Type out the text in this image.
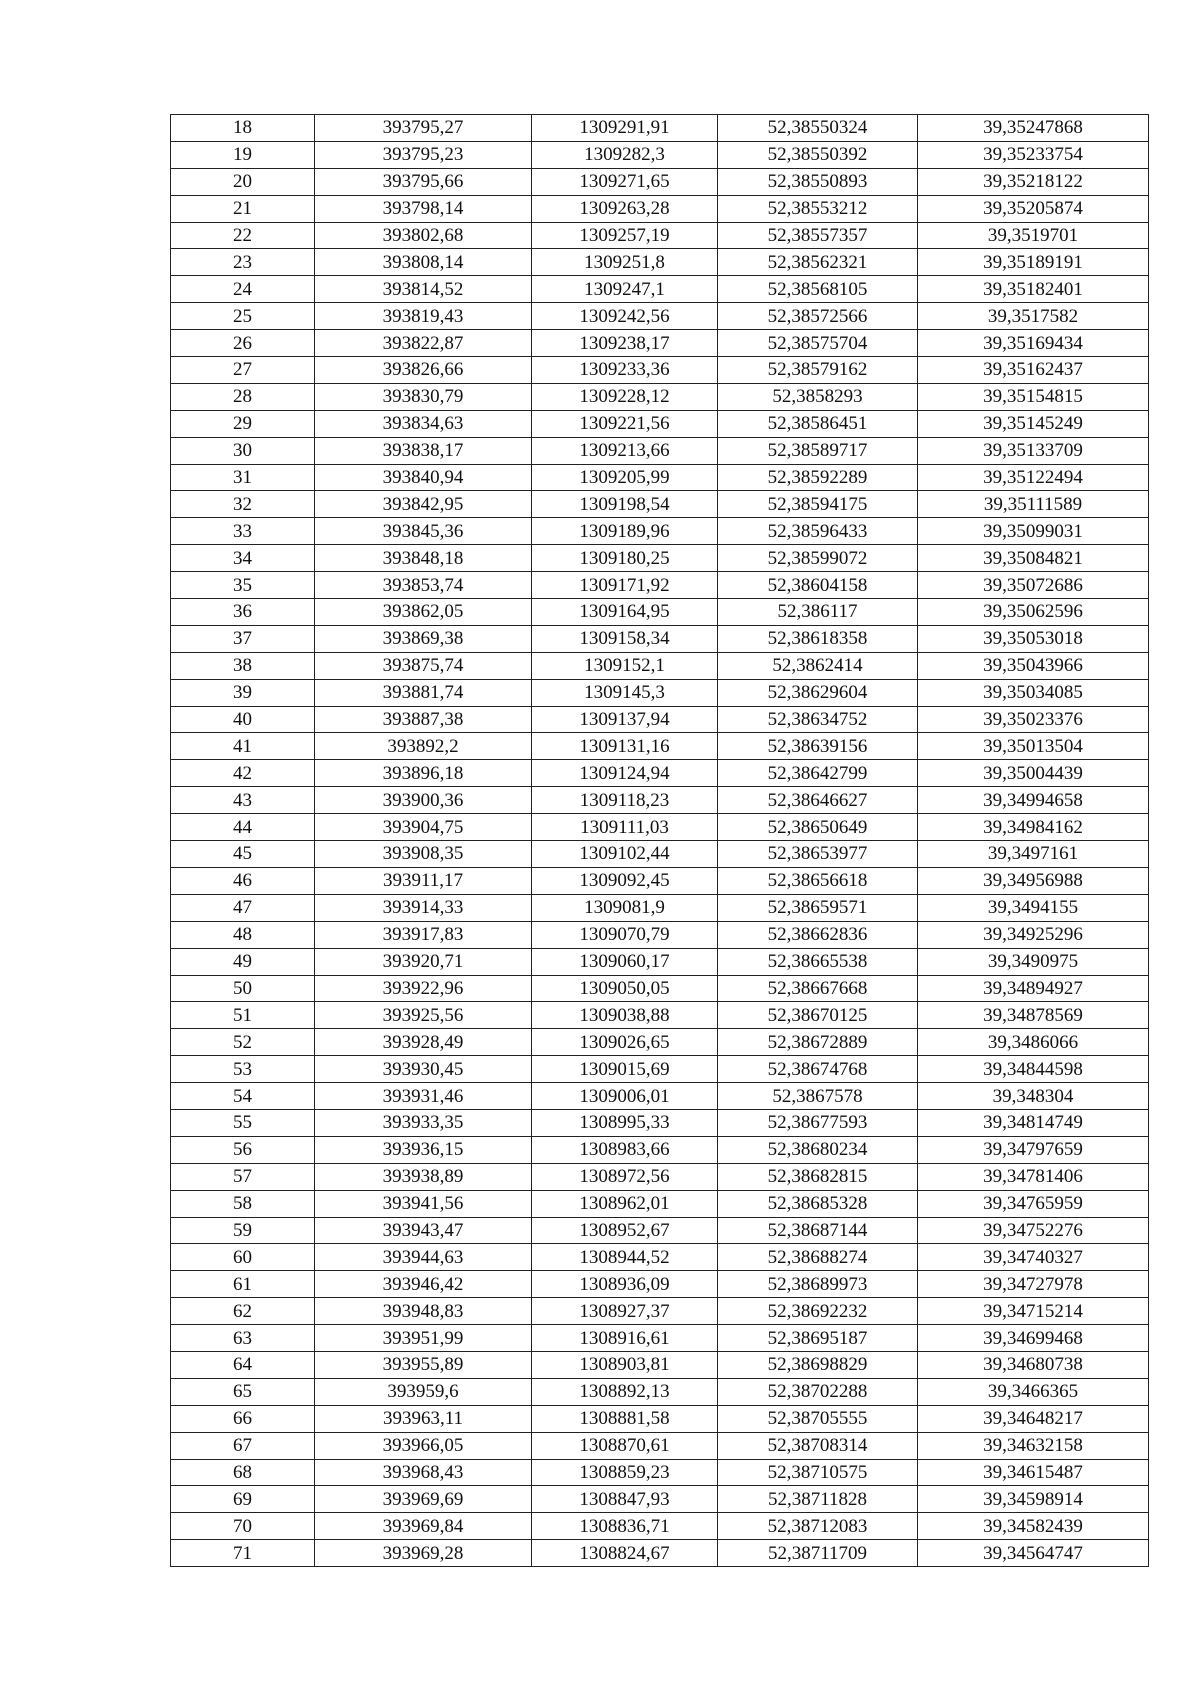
18	393795,27	1309291,91	52,38550324	39,35247868
19	393795,23	1309282,3	52,38550392	39,35233754
20	393795,66	1309271,65	52,38550893	39,35218122
21	393798,14	1309263,28	52,38553212	39,35205874
22	393802,68	1309257,19	52,38557357	39,3519701
23	393808,14	1309251,8	52,38562321	39,35189191
24	393814,52	1309247,1	52,38568105	39,35182401
25	393819,43	1309242,56	52,38572566	39,3517582
26	393822,87	1309238,17	52,38575704	39,35169434
27	393826,66	1309233,36	52,38579162	39,35162437
28	393830,79	1309228,12	52,3858293	39,35154815
29	393834,63	1309221,56	52,38586451	39,35145249
30	393838,17	1309213,66	52,38589717	39,35133709
31	393840,94	1309205,99	52,38592289	39,35122494
32	393842,95	1309198,54	52,38594175	39,35111589
33	393845,36	1309189,96	52,38596433	39,35099031
34	393848,18	1309180,25	52,38599072	39,35084821
35	393853,74	1309171,92	52,38604158	39,35072686
36	393862,05	1309164,95	52,386117	39,35062596
37	393869,38	1309158,34	52,38618358	39,35053018
38	393875,74	1309152,1	52,3862414	39,35043966
39	393881,74	1309145,3	52,38629604	39,35034085
40	393887,38	1309137,94	52,38634752	39,35023376
41	393892,2	1309131,16	52,38639156	39,35013504
42	393896,18	1309124,94	52,38642799	39,35004439
43	393900,36	1309118,23	52,38646627	39,34994658
44	393904,75	1309111,03	52,38650649	39,34984162
45	393908,35	1309102,44	52,38653977	39,3497161
46	393911,17	1309092,45	52,38656618	39,34956988
47	393914,33	1309081,9	52,38659571	39,3494155
48	393917,83	1309070,79	52,38662836	39,34925296
49	393920,71	1309060,17	52,38665538	39,3490975
50	393922,96	1309050,05	52,38667668	39,34894927
51	393925,56	1309038,88	52,38670125	39,34878569
52	393928,49	1309026,65	52,38672889	39,3486066
53	393930,45	1309015,69	52,38674768	39,34844598
54	393931,46	1309006,01	52,3867578	39,348304
55	393933,35	1308995,33	52,38677593	39,34814749
56	393936,15	1308983,66	52,38680234	39,34797659
57	393938,89	1308972,56	52,38682815	39,34781406
58	393941,56	1308962,01	52,38685328	39,34765959
59	393943,47	1308952,67	52,38687144	39,34752276
60	393944,63	1308944,52	52,38688274	39,34740327
61	393946,42	1308936,09	52,38689973	39,34727978
62	393948,83	1308927,37	52,38692232	39,34715214
63	393951,99	1308916,61	52,38695187	39,34699468
64	393955,89	1308903,81	52,38698829	39,34680738
65	393959,6	1308892,13	52,38702288	39,3466365
66	393963,11	1308881,58	52,38705555	39,34648217
67	393966,05	1308870,61	52,38708314	39,34632158
68	393968,43	1308859,23	52,38710575	39,34615487
69	393969,69	1308847,93	52,38711828	39,34598914
70	393969,84	1308836,71	52,38712083	39,34582439
71	393969,28	1308824,67	52,38711709	39,34564747
